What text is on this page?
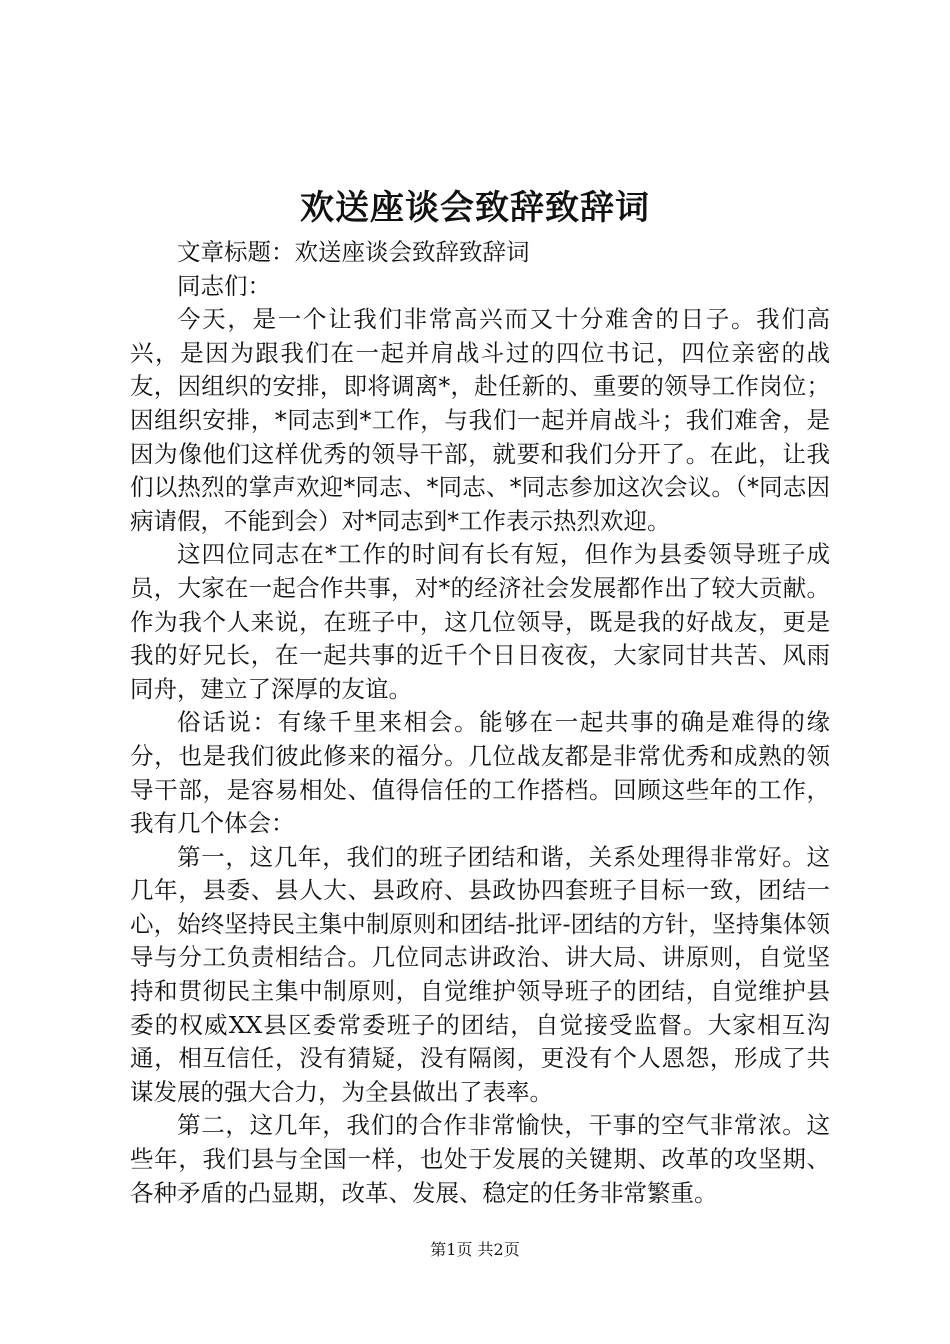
欢送座谈会致辞致辞词

文章标题：欢送座谈会致辞致辞词

同志们：

今天，是一个让我们非常高兴而又十分难舍的日子。我们高兴，是因为跟我们在一起并肩战斗过的四位书记，四位亲密的战友，因组织的安排，即将调离*，赴任新的、重要的领导工作岗位；因组织安排，*同志到*工作，与我们一起并肩战斗；我们难舍，是因为像他们这样优秀的领导干部，就要和我们分开了。在此，让我们以热烈的掌声欢迎*同志、*同志、*同志参加这次会议。（*同志因病请假，不能到会）对*同志到*工作表示热烈欢迎。

这四位同志在*工作的时间有长有短，但作为县委领导班子成员，大家在一起合作共事，对*的经济社会发展都作出了较大贡献。作为我个人来说，在班子中，这几位领导，既是我的好战友，更是我的好兄长，在一起共事的近千个日日夜夜，大家同甘共苦、风雨同舟，建立了深厚的友谊。

俗话说：有缘千里来相会。能够在一起共事的确是难得的缘分，也是我们彼此修来的福分。几位战友都是非常优秀和成熟的领导干部，是容易相处、值得信任的工作搭档。回顾这些年的工作，我有几个体会：

第一，这几年，我们的班子团结和谐，关系处理得非常好。这几年，县委、县人大、县政府、县政协四套班子目标一致，团结一心，始终坚持民主集中制原则和团结-批评-团结的方针，坚持集体领导与分工负责相结合。几位同志讲政治、讲大局、讲原则，自觉坚持和贯彻民主集中制原则，自觉维护领导班子的团结，自觉维护县委的权威XX县区委常委班子的团结，自觉接受监督。大家相互沟通，相互信任，没有猜疑，没有隔阂，更没有个人恩怨，形成了共谋发展的强大合力，为全县做出了表率。

第二，这几年，我们的合作非常愉快，干事的空气非常浓。这些年，我们县与全国一样，也处于发展的关键期、改革的攻坚期、各种矛盾的凸显期，改革、发展、稳定的任务非常繁重。

第1页 共2页
